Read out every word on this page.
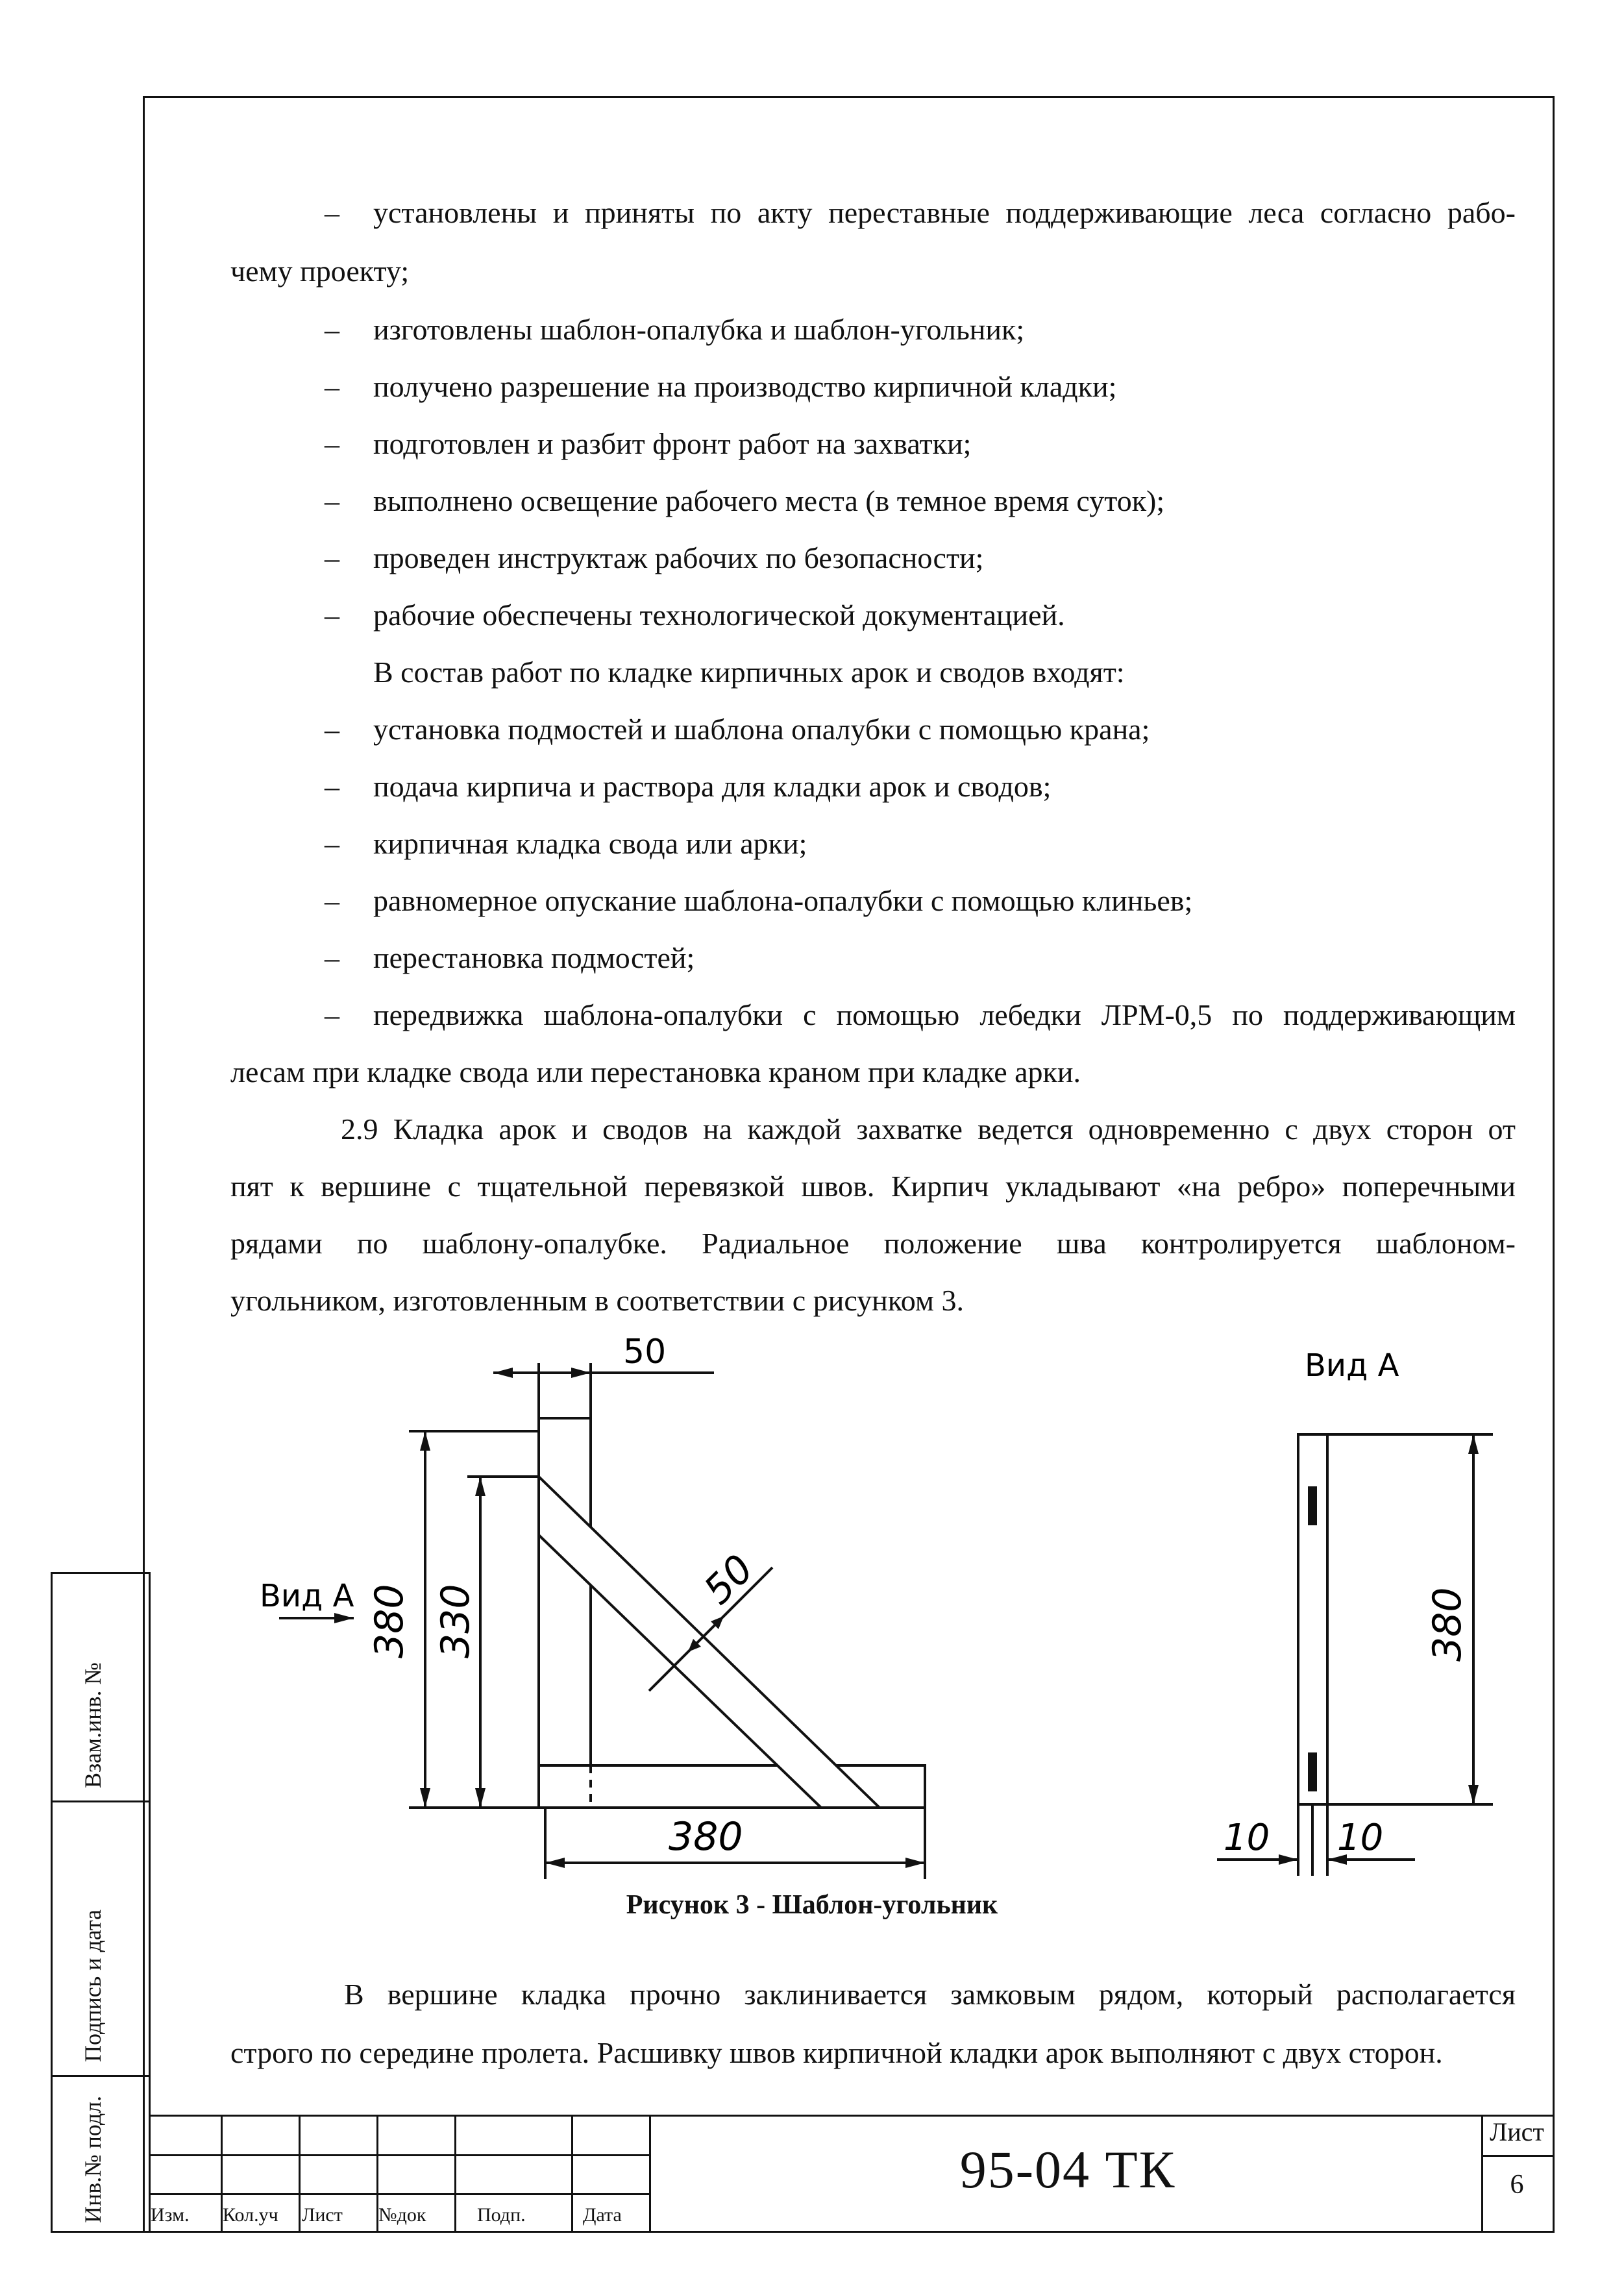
– установлены и приняты по акту переставные поддерживающие леса согласно рабо-
чему проекту;
– изготовлены шаблон-опалубка и шаблон-угольник;
– получено разрешение на производство кирпичной кладки;
– подготовлен и разбит фронт работ на захватки;
– выполнено освещение рабочего места (в темное время суток);
– проведен инструктаж рабочих по безопасности;
– рабочие обеспечены технологической документацией.
В состав работ по кладке кирпичных арок и сводов входят:
– установка подмостей и шаблона опалубки с помощью крана;
– подача кирпича и раствора для кладки арок и сводов;
– кирпичная кладка свода или арки;
– равномерное опускание шаблона-опалубки с помощью клиньев;
– перестановка подмостей;
– передвижка шаблона-опалубки с помощью лебедки ЛРМ-0,5 по поддерживающим
лесам при кладке свода или перестановка краном при кладке арки.
2.9 Кладка арок и сводов на каждой захватке ведется одновременно с двух сторон от
пят к вершине с тщательной перевязкой швов. Кирпич укладывают «на ребро» поперечными
рядами по шаблону-опалубке. Радиальное положение шва контролируется шаблоном-
угольником, изготовленным в соответствии с рисунком 3.
50
380 330
50
380
Вид А
Вид А
380
10 10
Рисунок 3 - Шаблон-угольник
В вершине кладка прочно заклинивается замковым рядом, который располагается
строго по середине пролета. Расшивку швов кирпичной кладки арок выполняют с двух сторон.
Взам.инв. №
Подпись и дата
Инв.№ подл. Изм. Кол.уч Лист №док	Подп.	Дата
95-04 ТК
Лист
6
